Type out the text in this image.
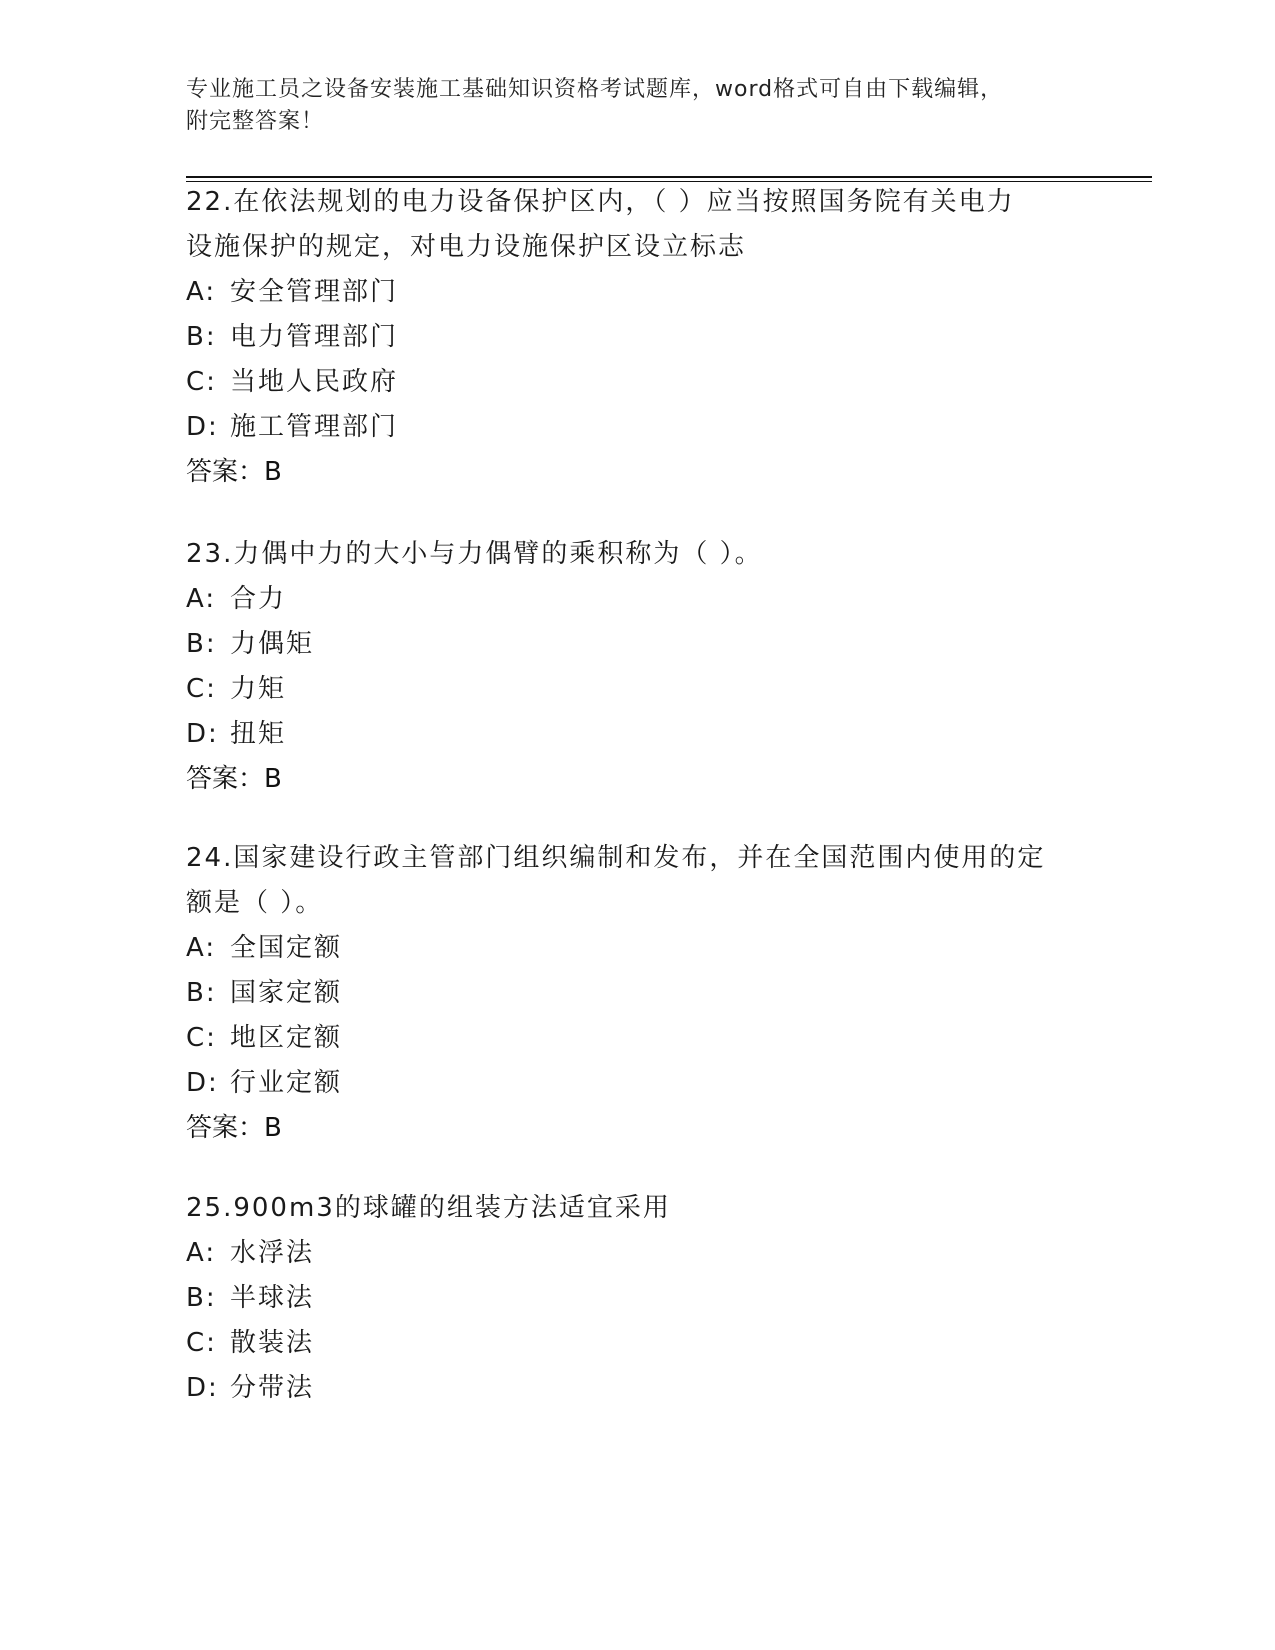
专业施工员之设备安装施工基础知识资格考试题库，word格式可自由下载编辑，
附完整答案！

22.在依法规划的电力设备保护区内，（ ）应当按照国务院有关电力

设施保护的规定，对电力设施保护区设立标志

A: 安全管理部门

B: 电力管理部门

C: 当地人民政府

D: 施工管理部门

答案：B

23.力偶中力的大小与力偶臂的乘积称为（ ）。

A: 合力

B: 力偶矩

C: 力矩

D: 扭矩

答案：B

24.国家建设行政主管部门组织编制和发布，并在全国范围内使用的定

额是（ ）。

A: 全国定额

B: 国家定额

C: 地区定额

D: 行业定额

答案：B

25.900m3的球罐的组装方法适宜采用

A: 水浮法

B: 半球法

C: 散装法

D: 分带法
